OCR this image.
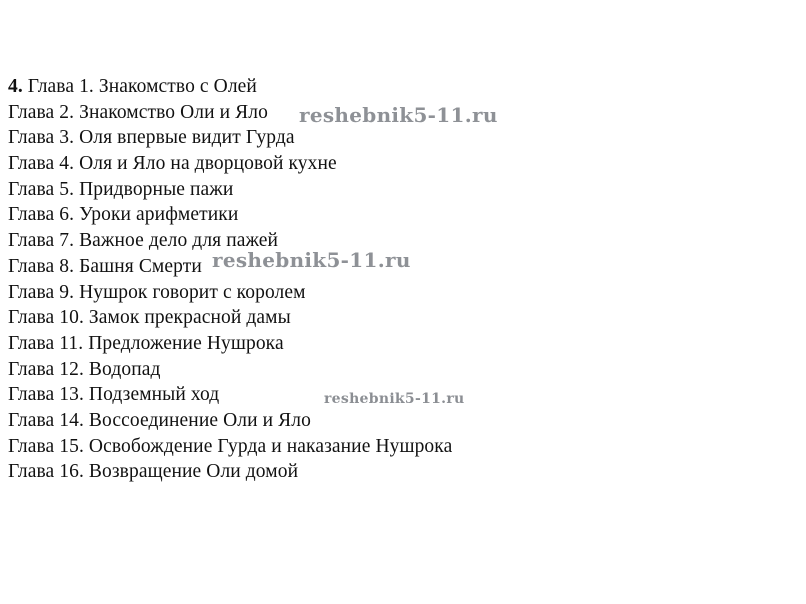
4. Глава 1. Знакомство с Олей
Глава 2. Знакомство Оли и Яло
Глава 3. Оля впервые видит Гурда
Глава 4. Оля и Яло на дворцовой кухне
Глава 5. Придворные пажи
Глава 6. Уроки арифметики
Глава 7. Важное дело для пажей
Глава 8. Башня Смерти
Глава 9. Нушрок говорит с королем
Глава 10. Замок прекрасной дамы
Глава 11. Предложение Нушрока
Глава 12. Водопад
Глава 13. Подземный ход
Глава 14. Воссоединение Оли и Яло
Глава 15. Освобождение Гурда и наказание Нушрока
Глава 16. Возвращение Оли домой
reshebnik5-11.ru
reshebnik5-11.ru
reshebnik5-11.ru
